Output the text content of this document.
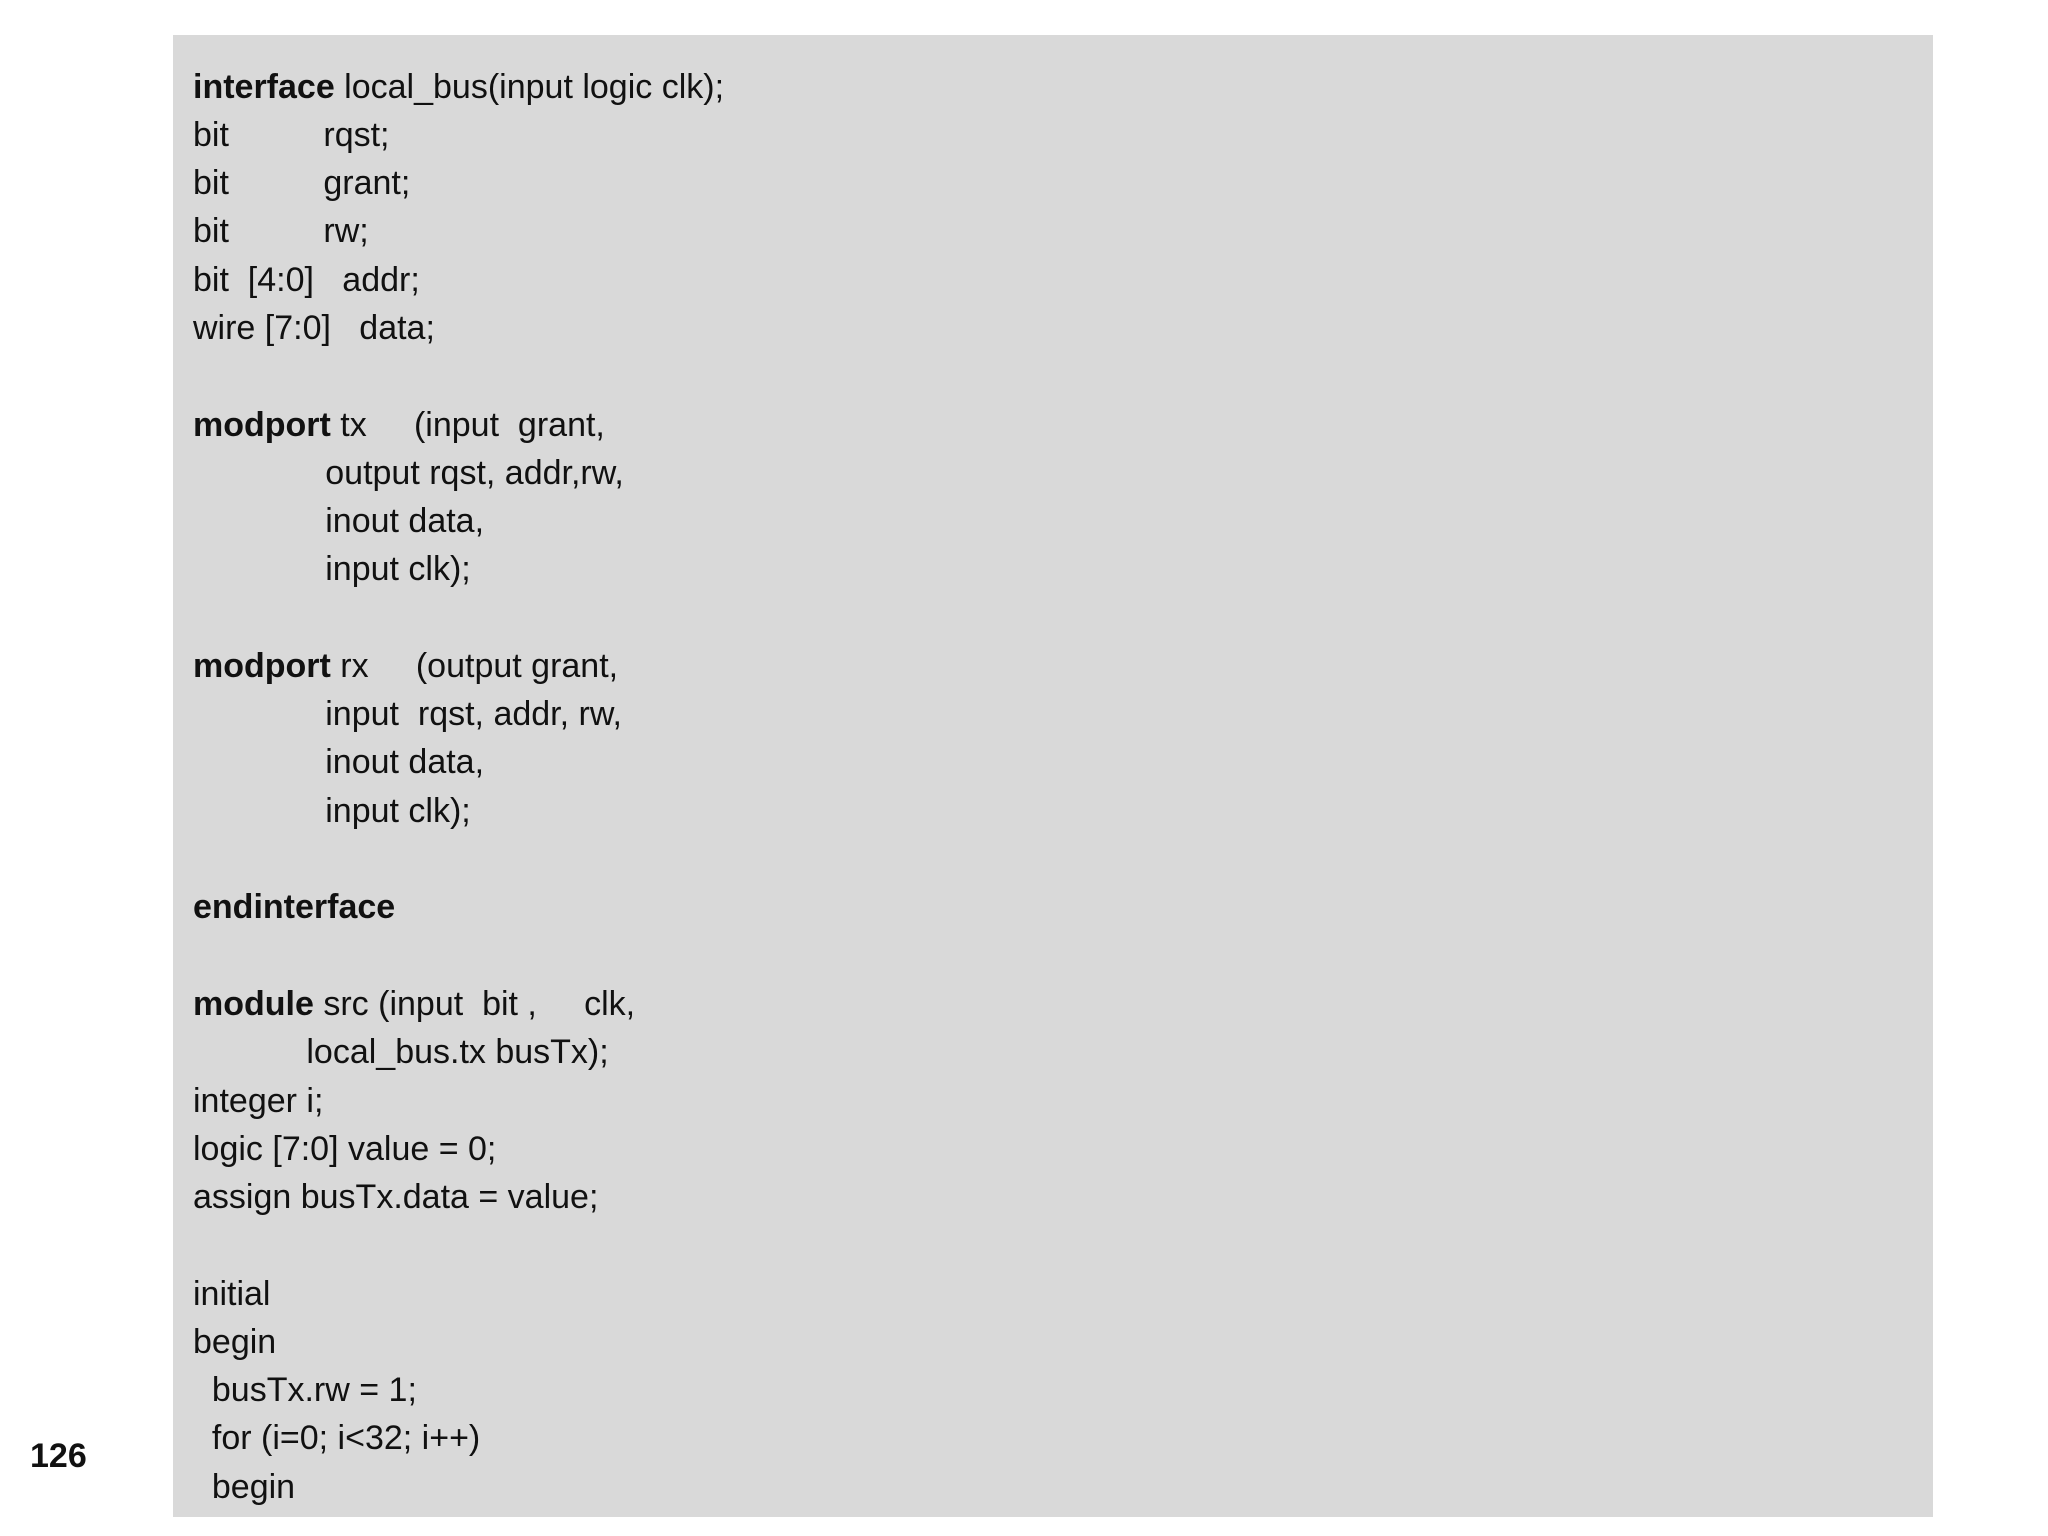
interface local_bus(input logic clk);
bit          rqst;
bit          grant;
bit          rw;
bit  [4:0]   addr;
wire [7:0]   data;
modport tx     (input  grant,
output rqst, addr,rw,
inout data,
input clk);
modport rx     (output grant,
input  rqst, addr, rw,
inout data,
input clk);
endinterface
module src (input  bit ,     clk,
local_bus.tx busTx);
integer i;
logic [7:0] value = 0;
assign busTx.data = value;
initial
begin
busTx.rw = 1;
for (i=0; i<32; i++)
begin
126
